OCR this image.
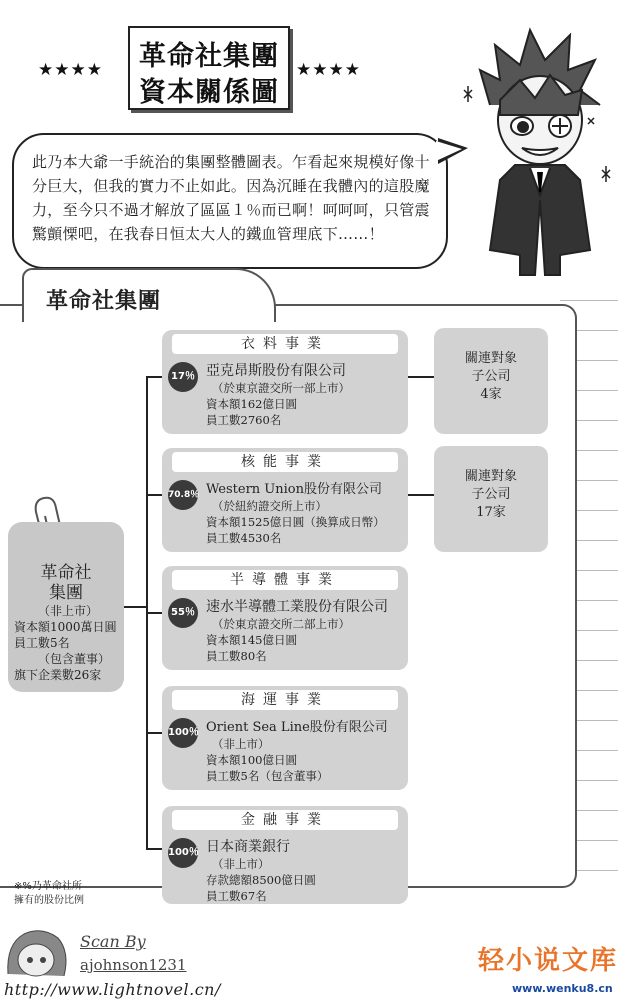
★★★★	革命社集團
資本關係圖
★★★★
此乃本大爺一手統治的集團整體圖表。乍看起來規模好像十分巨大，但我的實力不止如此。因為沉睡在我體內的這股魔力，至今只不過才解放了區區１％而已啊！呵呵呵，只管震驚顫慄吧，在我春日恒太大人的鐵血管理底下……！
革命社集團
革命社
集團
（非上市）
資本額1000萬日圓
員工數5名
（包含董事）
旗下企業數26家
衣料事業
17％ 亞克昂斯股份有限公司
（於東京證交所一部上市）
資本額162億日圓
員工數2760名
核能事業
70.8％ Western Union股份有限公司
（於紐約證交所上市）
資本額1525億日圓（換算成日幣）
員工數4530名
半導體事業
55％ 速水半導體工業股份有限公司
（於東京證交所二部上市）
資本額145億日圓
員工數80名
海運事業
100％ Orient Sea Line股份有限公司
（非上市）
資本額100億日圓
員工數5名（包含董事）
金融事業
100％ 日本商業銀行
（非上市）
存款總額8500億日圓
員工數67名
關連對象
子公司
4家
關連對象
子公司
17家
※%乃革命社所
擁有的股份比例
Scan By
ajohnson1231
http://www.lightnovel.cn/
轻小说文库
www.wenku8.cn
